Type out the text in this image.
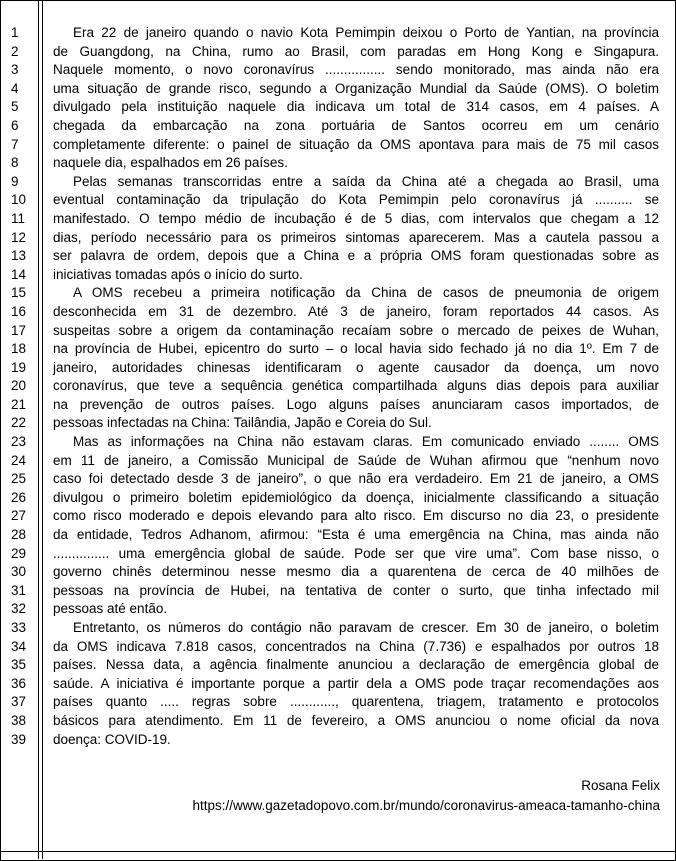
1
2
3
4
5
6
7
8
9
10
11
12
13
14
15
16
17
18
19
20
21
22
23
24
25
26
27
28
29
30
31
32
33
34
35
36
37
38
39
Era 22 de janeiro quando o navio Kota Pemimpin deixou o Porto de Yantian, na província
de Guangdong, na China, rumo ao Brasil, com paradas em Hong Kong e Singapura.
Naquele momento, o novo coronavírus ................ sendo monitorado, mas ainda não era
uma situação de grande risco, segundo a Organização Mundial da Saúde (OMS). O boletim
divulgado pela instituição naquele dia indicava um total de 314 casos, em 4 países. A
chegada da embarcação na zona portuária de Santos ocorreu em um cenário
completamente diferente: o painel de situação da OMS apontava para mais de 75 mil casos
naquele dia, espalhados em 26 países.
Pelas semanas transcorridas entre a saída da China até a chegada ao Brasil, uma
eventual contaminação da tripulação do Kota Pemimpin pelo coronavírus já .......... se
manifestado. O tempo médio de incubação é de 5 dias, com intervalos que chegam a 12
dias, período necessário para os primeiros sintomas aparecerem. Mas a cautela passou a
ser palavra de ordem, depois que a China e a própria OMS foram questionadas sobre as
iniciativas tomadas após o início do surto.
A OMS recebeu a primeira notificação da China de casos de pneumonia de origem
desconhecida em 31 de dezembro. Até 3 de janeiro, foram reportados 44 casos. As
suspeitas sobre a origem da contaminação recaíam sobre o mercado de peixes de Wuhan,
na província de Hubei, epicentro do surto – o local havia sido fechado já no dia 1º. Em 7 de
janeiro, autoridades chinesas identificaram o agente causador da doença, um novo
coronavírus, que teve a sequência genética compartilhada alguns dias depois para auxiliar
na prevenção de outros países. Logo alguns países anunciaram casos importados, de
pessoas infectadas na China: Tailândia, Japão e Coreia do Sul.
Mas as informações na China não estavam claras. Em comunicado enviado ........ OMS
em 11 de janeiro, a Comissão Municipal de Saúde de Wuhan afirmou que “nenhum novo
caso foi detectado desde 3 de janeiro”, o que não era verdadeiro. Em 21 de janeiro, a OMS
divulgou o primeiro boletim epidemiológico da doença, inicialmente classificando a situação
como risco moderado e depois elevando para alto risco. Em discurso no dia 23, o presidente
da entidade, Tedros Adhanom, afirmou: “Esta é uma emergência na China, mas ainda não
............... uma emergência global de saúde. Pode ser que vire uma”. Com base nisso, o
governo chinês determinou nesse mesmo dia a quarentena de cerca de 40 milhões de
pessoas na província de Hubei, na tentativa de conter o surto, que tinha infectado mil
pessoas até então.
Entretanto, os números do contágio não paravam de crescer. Em 30 de janeiro, o boletim
da OMS indicava 7.818 casos, concentrados na China (7.736) e espalhados por outros 18
países. Nessa data, a agência finalmente anunciou a declaração de emergência global de
saúde. A iniciativa é importante porque a partir dela a OMS pode traçar recomendações aos
países quanto ..... regras sobre ............, quarentena, triagem, tratamento e protocolos
básicos para atendimento. Em 11 de fevereiro, a OMS anunciou o nome oficial da nova
doença: COVID-19.
Rosana Felix
https://www.gazetadopovo.com.br/mundo/coronavirus-ameaca-tamanho-china
